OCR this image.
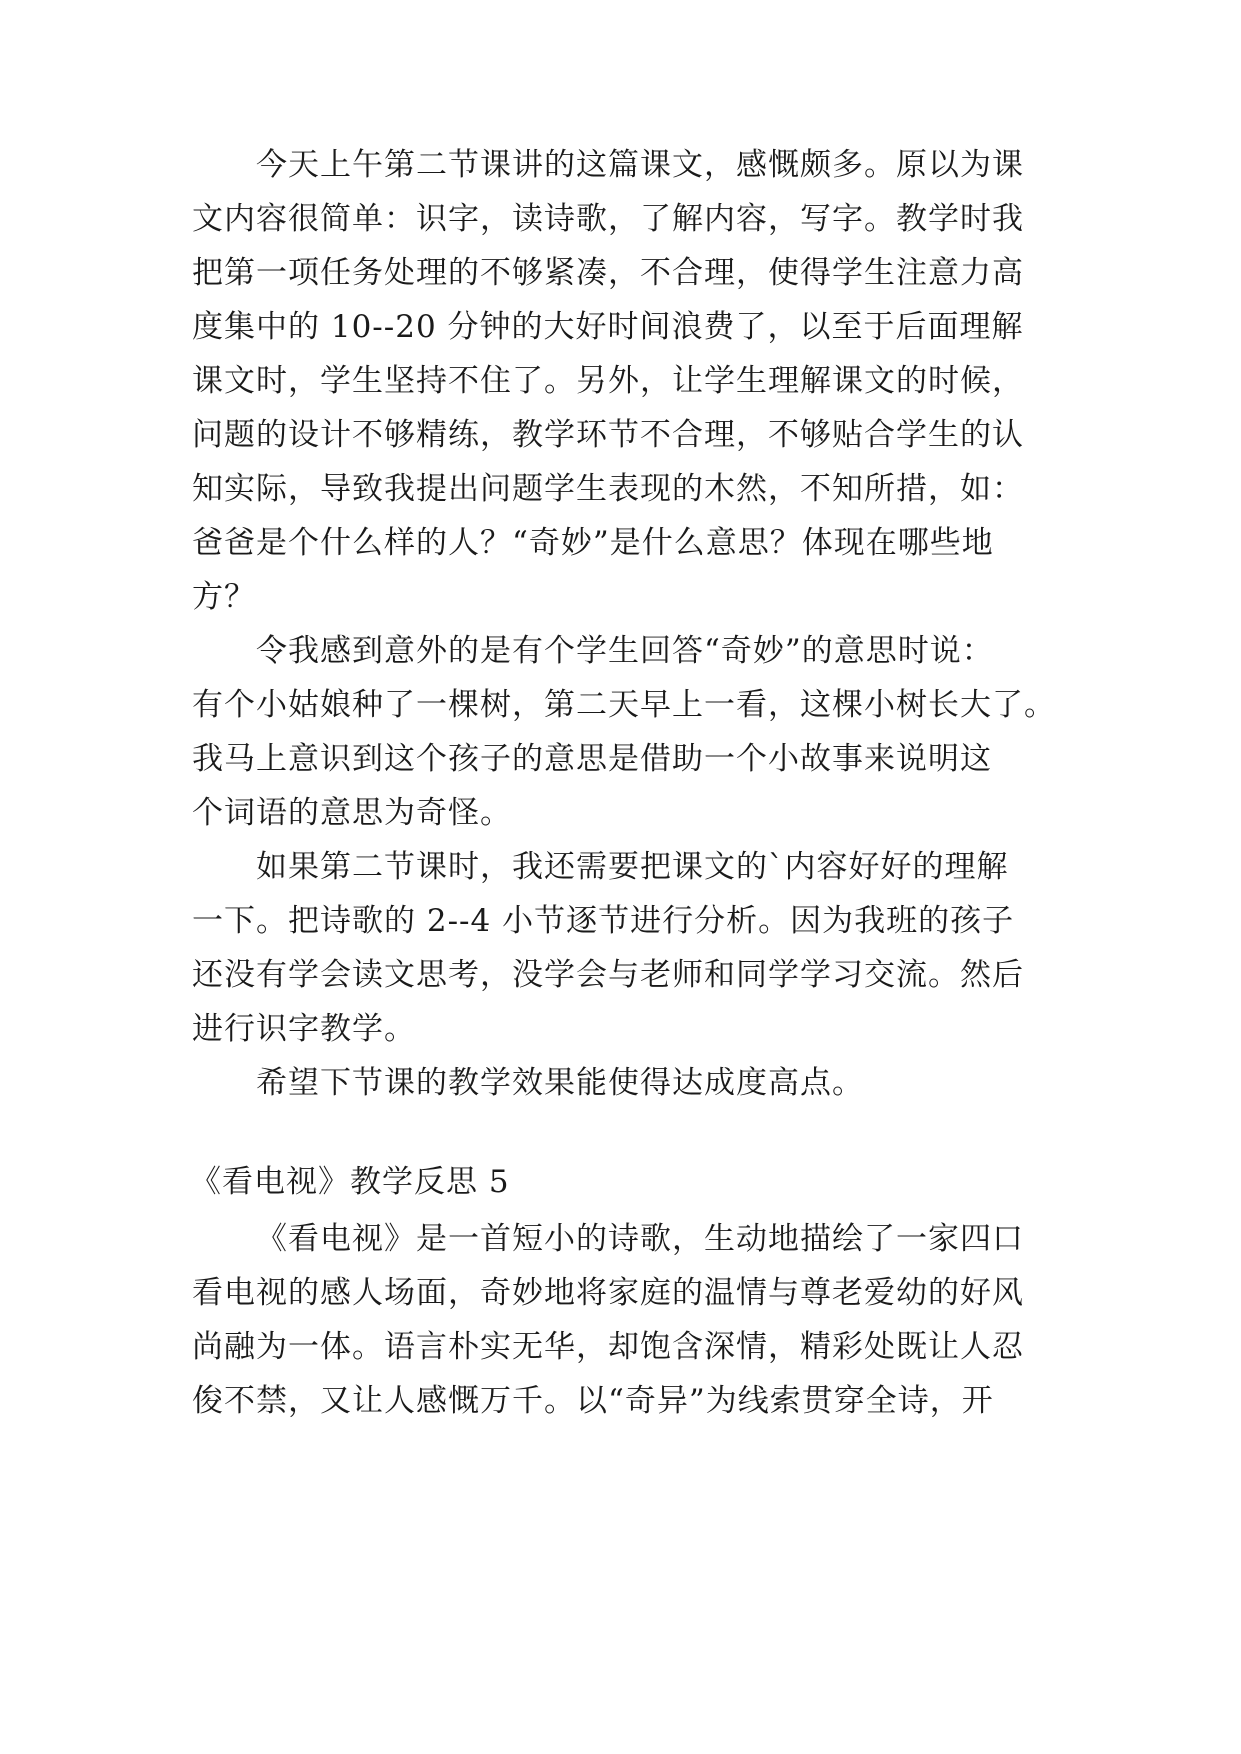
今天上午第二节课讲的这篇课文，感慨颇多。原以为课
文内容很简单：识字，读诗歌，了解内容，写字。教学时我
把第一项任务处理的不够紧凑，不合理，使得学生注意力高
度集中的 10--20 分钟的大好时间浪费了，以至于后面理解
课文时，学生坚持不住了。另外，让学生理解课文的时候，
问题的设计不够精练，教学环节不合理，不够贴合学生的认
知实际，导致我提出问题学生表现的木然，不知所措，如：
爸爸是个什么样的人？“奇妙”是什么意思？体现在哪些地
方？
令我感到意外的是有个学生回答“奇妙”的意思时说：
有个小姑娘种了一棵树，第二天早上一看，这棵小树长大了。
我马上意识到这个孩子的意思是借助一个小故事来说明这
个词语的意思为奇怪。
如果第二节课时，我还需要把课文的`内容好好的理解
一下。把诗歌的 2--4 小节逐节进行分析。因为我班的孩子
还没有学会读文思考，没学会与老师和同学学习交流。然后
进行识字教学。
希望下节课的教学效果能使得达成度高点。
《看电视》教学反思 5
《看电视》是一首短小的诗歌，生动地描绘了一家四口
看电视的感人场面，奇妙地将家庭的温情与尊老爱幼的好风
尚融为一体。语言朴实无华，却饱含深情，精彩处既让人忍
俊不禁，又让人感慨万千。以“奇异”为线索贯穿全诗，开
